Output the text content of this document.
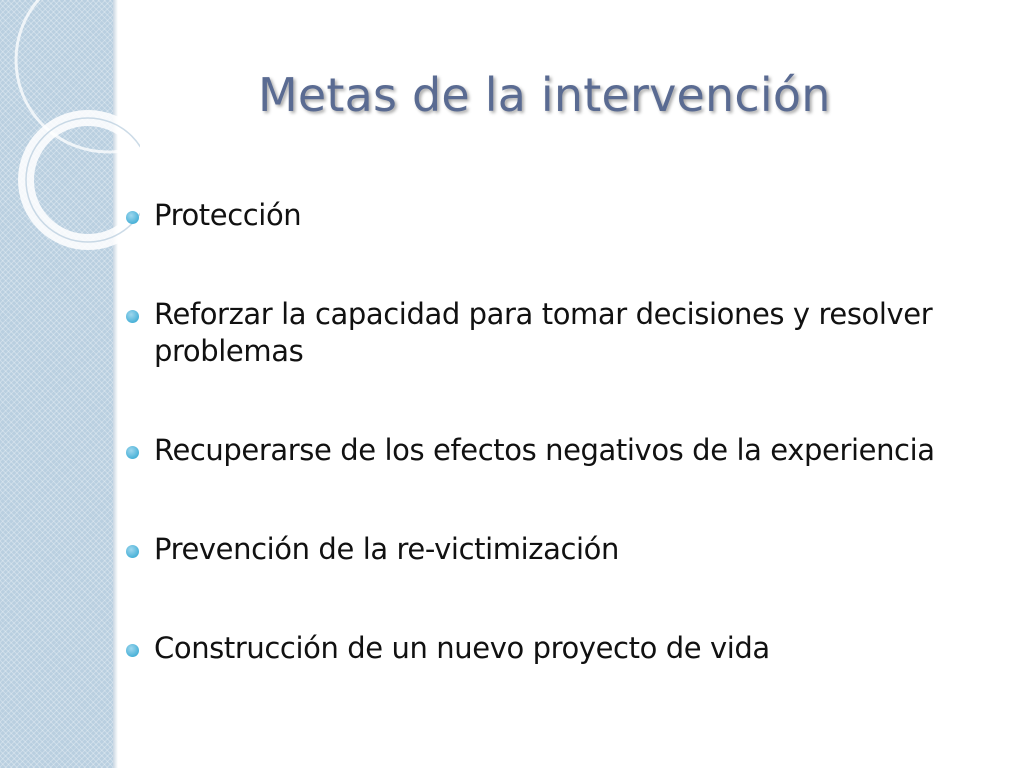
Metas de la intervención
Protección
Reforzar la capacidad para tomar decisiones y resolver problemas
Recuperarse de los efectos negativos de la experiencia
Prevención de la re-victimización
Construcción de un nuevo proyecto de vida
